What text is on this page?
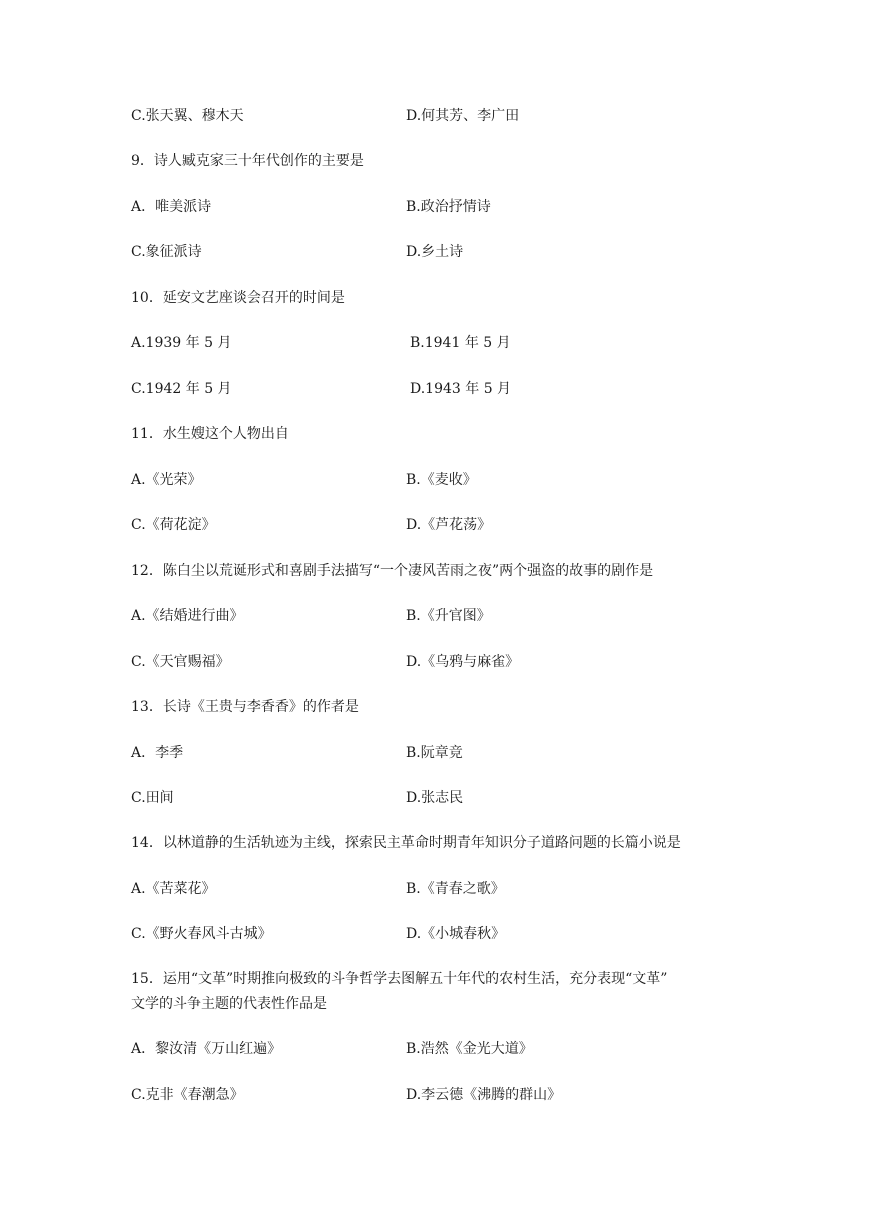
C.张天翼、穆木天	D.何其芳、李广田
9．诗人臧克家三十年代创作的主要是
A．唯美派诗	B.政治抒情诗
C.象征派诗	D.乡土诗
10．延安文艺座谈会召开的时间是
A.1939 年 5 月	B.1941 年 5 月
C.1942 年 5 月	D.1943 年 5 月
11．水生嫂这个人物出自
A.《光荣》	B.《麦收》
C.《荷花淀》	D.《芦花荡》
12．陈白尘以荒诞形式和喜剧手法描写“一个凄风苦雨之夜”两个强盗的故事的剧作是
A.《结婚进行曲》	B.《升官图》
C.《天官赐福》	D.《乌鸦与麻雀》
13．长诗《王贵与李香香》的作者是
A．李季	B.阮章竞
C.田间	D.张志民
14．以林道静的生活轨迹为主线，探索民主革命时期青年知识分子道路问题的长篇小说是
A.《苦菜花》	B.《青春之歌》
C.《野火春风斗古城》	D.《小城春秋》
15．运用“文革”时期推向极致的斗争哲学去图解五十年代的农村生活，充分表现“文革”
文学的斗争主题的代表性作品是
A．黎汝清《万山红遍》	B.浩然《金光大道》
C.克非《春潮急》	D.李云德《沸腾的群山》
